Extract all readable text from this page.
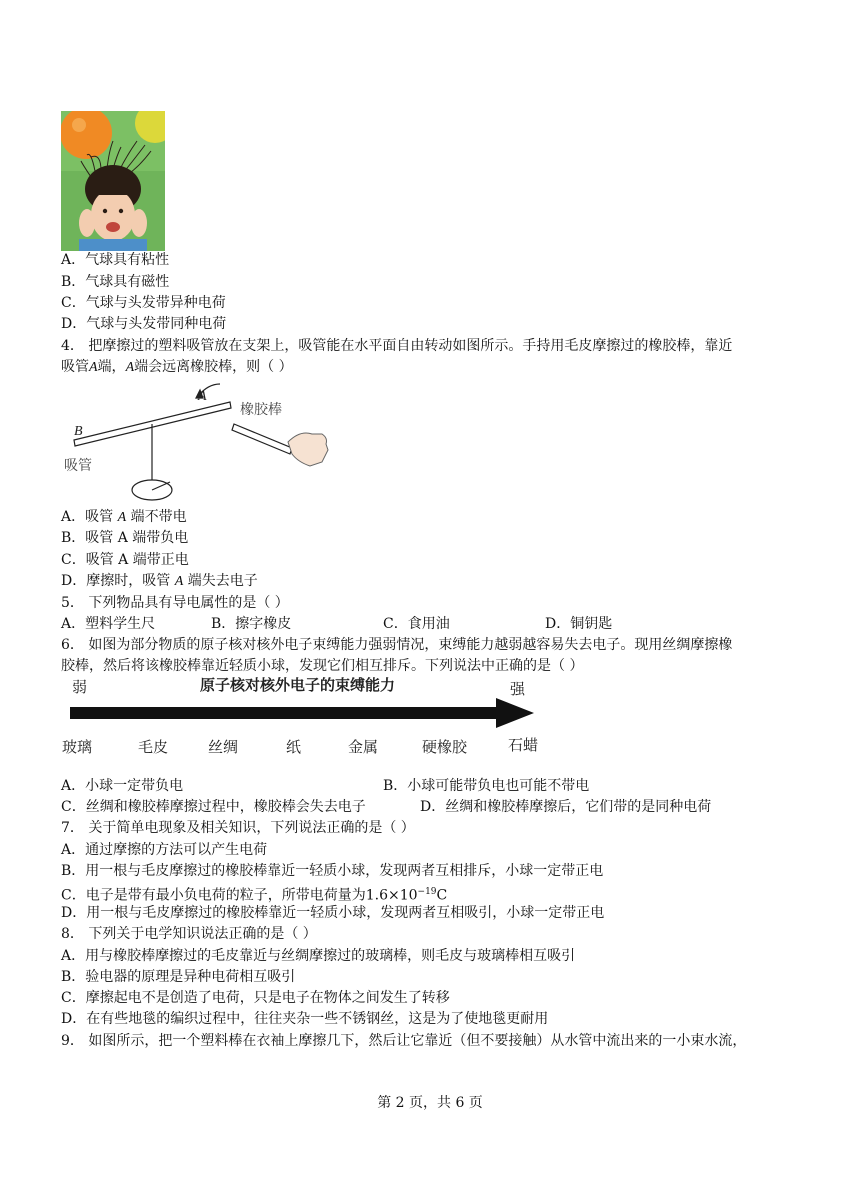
A．气球具有粘性
B．气球具有磁性
C．气球与头发带异种电荷
D．气球与头发带同种电荷
4． 把摩擦过的塑料吸管放在支架上，吸管能在水平面自由转动如图所示。手持用毛皮摩擦过的橡胶棒，靠近
吸管A端，A端会远离橡胶棒，则（ ）
A
B
吸管
橡胶棒
A．吸管 A 端不带电
B．吸管 A 端带负电
C．吸管 A 端带正电
D．摩擦时，吸管 A 端失去电子
5． 下列物品具有导电属性的是（ ）
A．塑料学生尺	B．擦字橡皮	C．食用油	D．铜钥匙
6． 如图为部分物质的原子核对核外电子束缚能力强弱情况，束缚能力越弱越容易失去电子。现用丝绸摩擦橡
胶棒，然后将该橡胶棒靠近轻质小球，发现它们相互排斥。下列说法中正确的是（ ）
弱	原子核对核外电子的束缚能力	强
玻璃	毛皮	丝绸	纸	金属	硬橡胶	石蜡
A．小球一定带负电	B．小球可能带负电也可能不带电
C．丝绸和橡胶棒摩擦过程中，橡胶棒会失去电子	D．丝绸和橡胶棒摩擦后，它们带的是同种电荷
7． 关于简单电现象及相关知识，下列说法正确的是（ ）
A．通过摩擦的方法可以产生电荷
B．用一根与毛皮摩擦过的橡胶棒靠近一轻质小球，发现两者互相排斥，小球一定带正电
C．电子是带有最小负电荷的粒子，所带电荷量为$1.6\times 10^{-19}C$
D．用一根与毛皮摩擦过的橡胶棒靠近一轻质小球，发现两者互相吸引，小球一定带正电
8． 下列关于电学知识说法正确的是（ ）
A．用与橡胶棒摩擦过的毛皮靠近与丝绸摩擦过的玻璃棒，则毛皮与玻璃棒相互吸引
B．验电器的原理是异种电荷相互吸引
C．摩擦起电不是创造了电荷，只是电子在物体之间发生了转移
D．在有些地毯的编织过程中，往往夹杂一些不锈钢丝，这是为了使地毯更耐用
9． 如图所示，把一个塑料棒在衣袖上摩擦几下，然后让它靠近（但不要接触）从水管中流出来的一小束水流，
第 2 页，共 6 页
